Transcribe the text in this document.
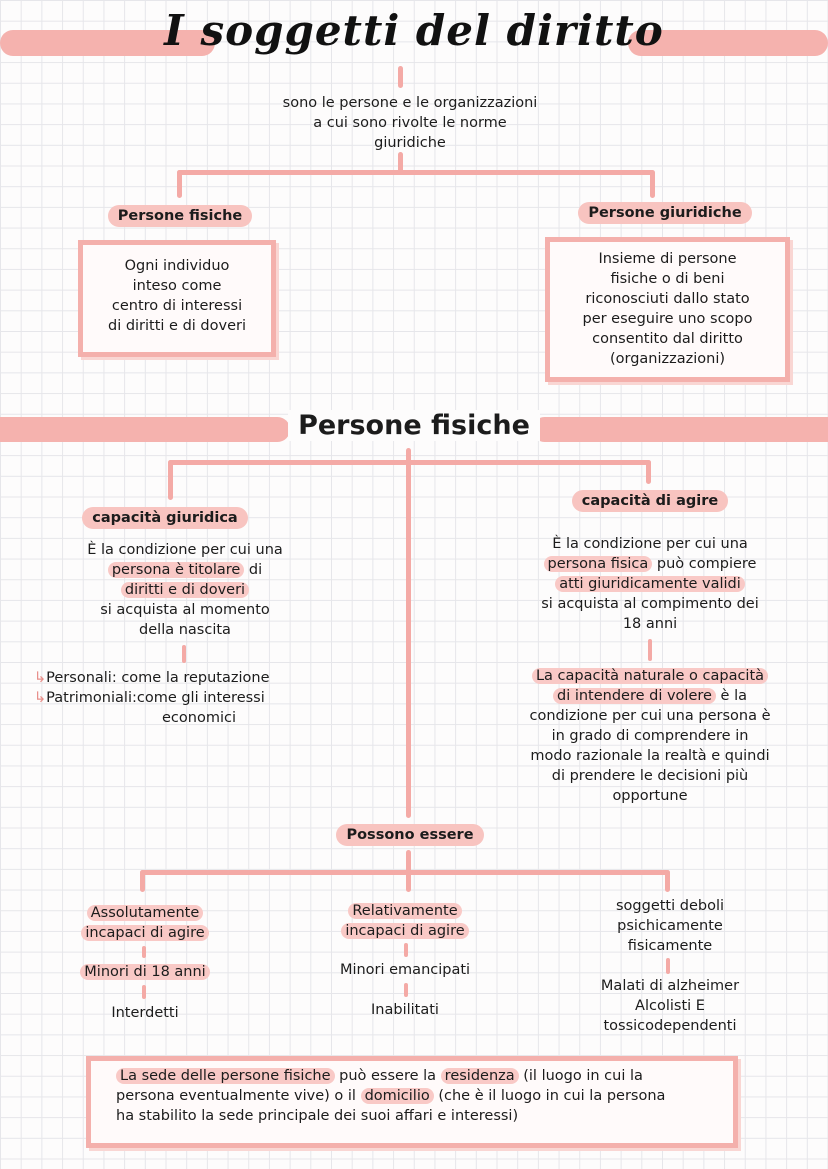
I soggetti del diritto
sono le persone e le organizzazioni
a cui sono rivolte le norme
giuridiche
Persone fisiche
Ogni individuo
inteso come
centro di interessi
di diritti e di doveri
Persone giuridiche
Insieme di persone
fisiche o di beni
riconosciuti dallo stato
per eseguire uno scopo
consentito dal diritto
(organizzazioni)
Persone fisiche
capacità giuridica
È la condizione per cui una
persona è titolare di
diritti e di doveri
si acquista al momento
della nascita
↳Personali: come la reputazione
↳Patrimoniali:come gli interessi
economici
capacità di agire
È la condizione per cui una
persona fisica può compiere
atti giuridicamente validi
si acquista al compimento dei
18 anni
La capacità naturale o capacità
di intendere di volere è la
condizione per cui una persona è
in grado di comprendere in
modo razionale la realtà e quindi
di prendere le decisioni più
opportune
Possono essere
Assolutamente
incapaci di agire
Minori di 18 anni
Interdetti
Relativamente
incapaci di agire
Minori emancipati
Inabilitati
soggetti deboli
psichicamente
fisicamente
Malati di alzheimer
Alcolisti E
tossicodependenti
La sede delle persone fisiche può essere la residenza (il luogo in cui la
persona eventualmente vive) o il domicilio (che è il luogo in cui la persona
ha stabilito la sede principale dei suoi affari e interessi)
